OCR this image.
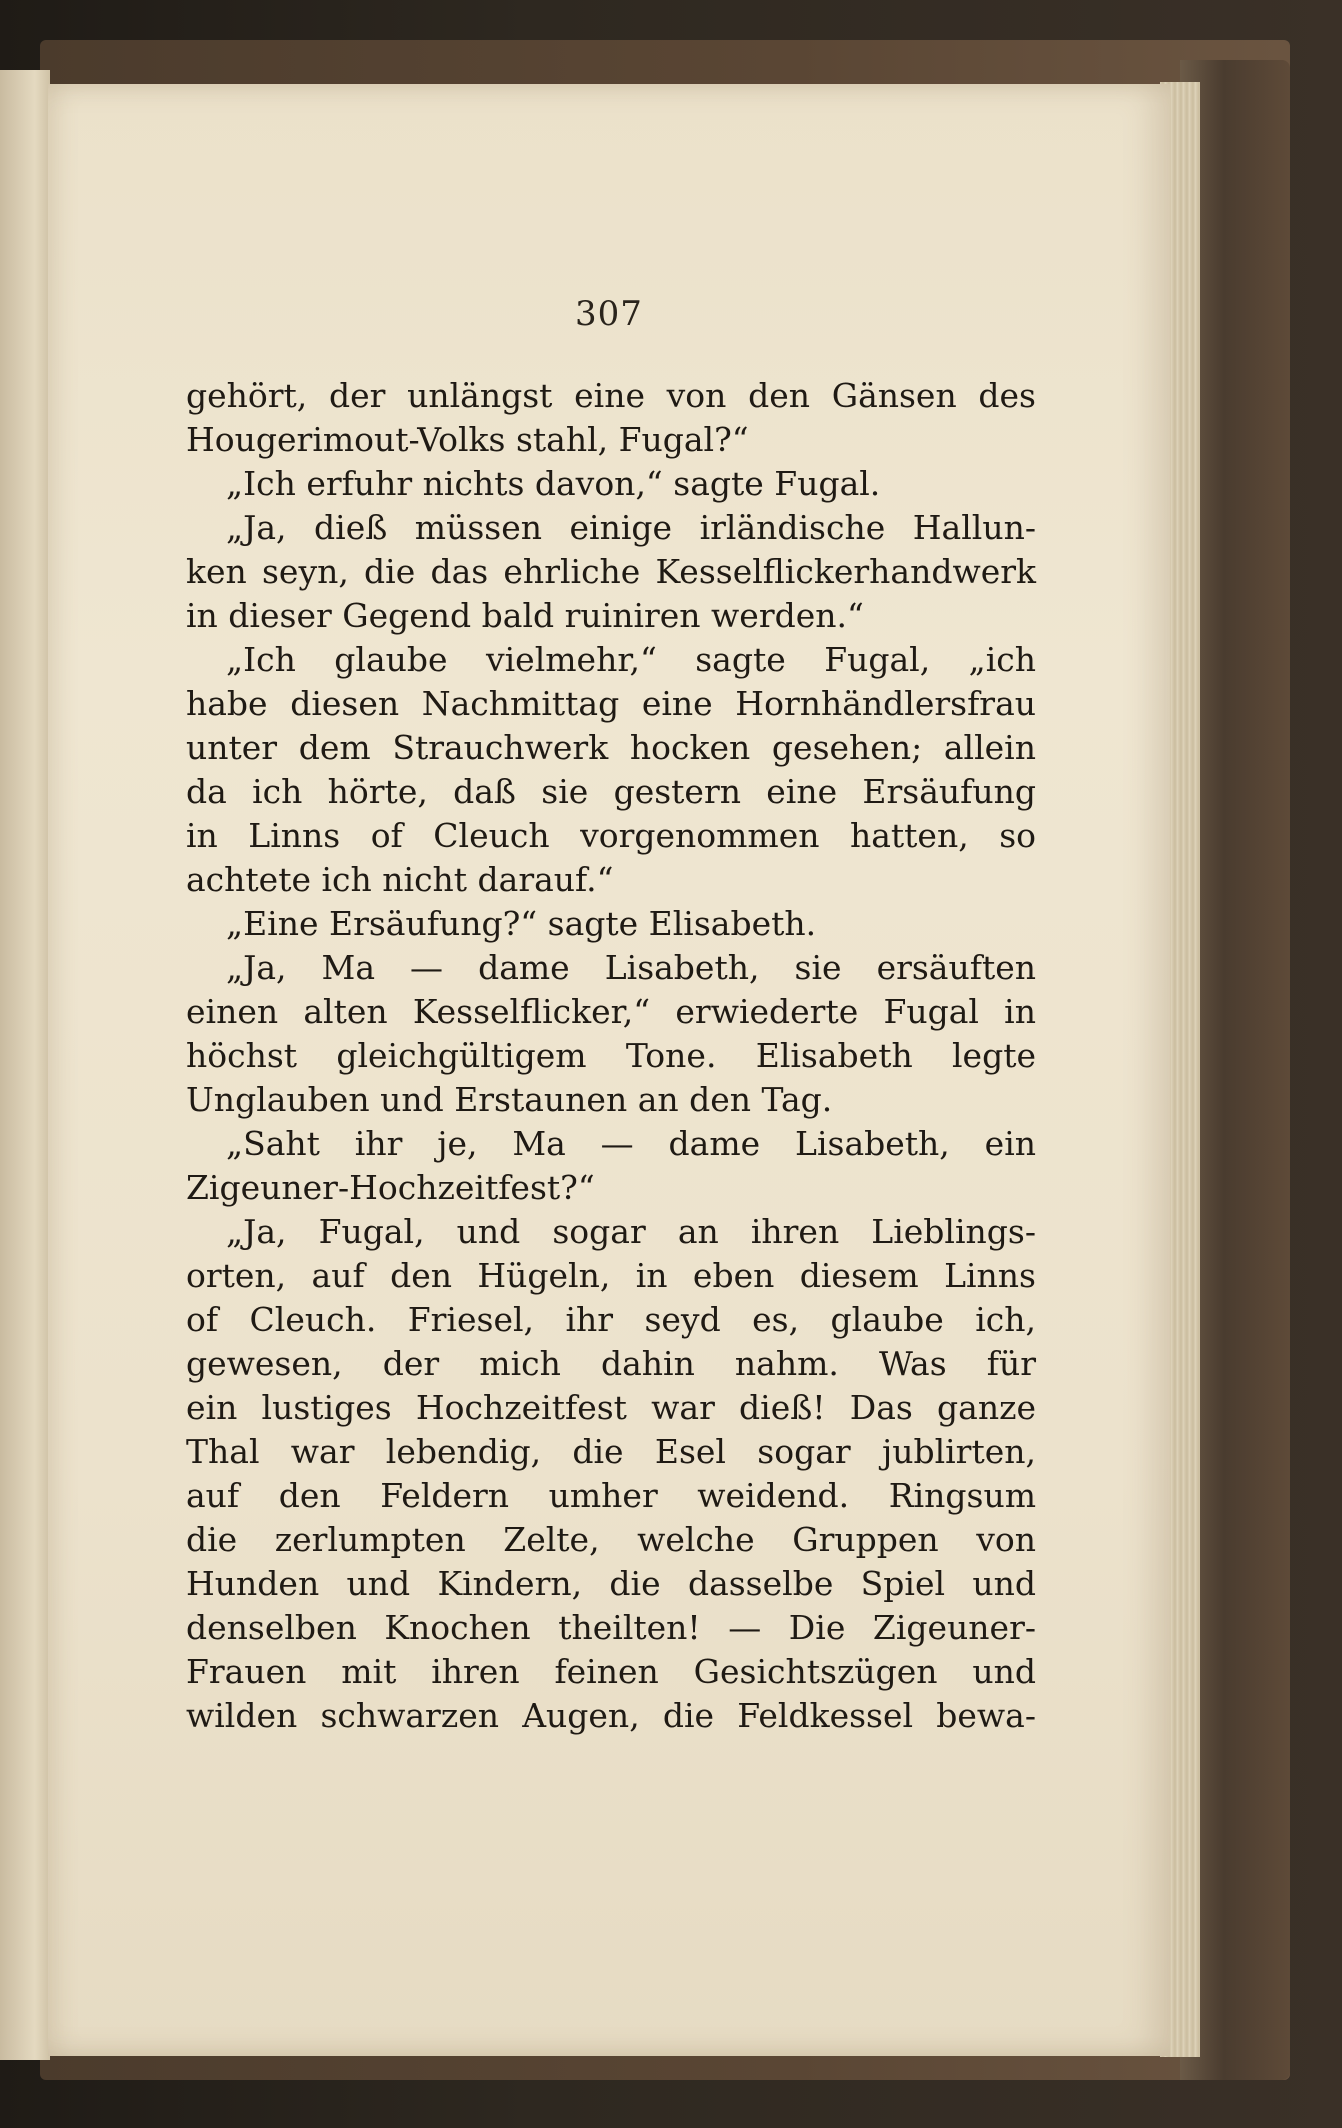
307
gehört, der unlängst eine von den Gänsen des
Hougerimout-Volks stahl, Fugal?“
„Ich erfuhr nichts davon,“ sagte Fugal.
„Ja, dieß müssen einige irländische Hallun-
ken seyn, die das ehrliche Kesselflickerhandwerk
in dieser Gegend bald ruiniren werden.“
„Ich glaube vielmehr,“ sagte Fugal, „ich
habe diesen Nachmittag eine Hornhändlersfrau
unter dem Strauchwerk hocken gesehen; allein
da ich hörte, daß sie gestern eine Ersäufung
in Linns of Cleuch vorgenommen hatten, so
achtete ich nicht darauf.“
„Eine Ersäufung?“ sagte Elisabeth.
„Ja, Ma — dame Lisabeth, sie ersäuften
einen alten Kesselflicker,“ erwiederte Fugal in
höchst gleichgültigem Tone. Elisabeth legte
Unglauben und Erstaunen an den Tag.
„Saht ihr je, Ma — dame Lisabeth, ein
Zigeuner-Hochzeitfest?“
„Ja, Fugal, und sogar an ihren Lieblings-
orten, auf den Hügeln, in eben diesem Linns
of Cleuch. Friesel, ihr seyd es, glaube ich,
gewesen, der mich dahin nahm. Was für
ein lustiges Hochzeitfest war dieß! Das ganze
Thal war lebendig, die Esel sogar jublirten,
auf den Feldern umher weidend. Ringsum
die zerlumpten Zelte, welche Gruppen von
Hunden und Kindern, die dasselbe Spiel und
denselben Knochen theilten! — Die Zigeuner-
Frauen mit ihren feinen Gesichtszügen und
wilden schwarzen Augen, die Feldkessel bewa-
